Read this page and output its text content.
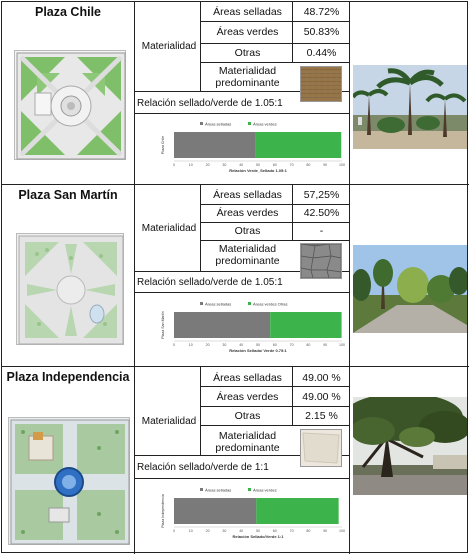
Plaza Chile
Materialidad
Áreas selladas	48.72%
Áreas verdes	50.83%
Otras	0.44%
Materialidad predominante
Relación sellado/verde de 1.05:1
Áreas selladas	Áreas verdes
Plaza Chile
0	10	20	30	40	50	60	70	80	90	100
Relación Verde_Sellado 1.05:1
Plaza San Martín
Materialidad
Áreas selladas	57,25%
Áreas verdes	42.50%
Otras	-
Materialidad predominante
Relación sellado/verde de 1.05:1
Áreas selladas	Áreas verdes Otras
Plaza San Martín
0	10	20	30	40	50	60	70	80	90	100
Relación Sellado/ Verde 0.75:1
Plaza Independencia
Materialidad
Áreas selladas	49.00 %
Áreas verdes	49.00 %
Otras	2.15 %
Materialidad predominante
Relación sellado/verde de 1:1
Áreas selladas	Áreas verdes
Plaza Independencia
0	10	20	30	40	50	60	70	80	90	100
Relación Sellado/Verde 1:1
